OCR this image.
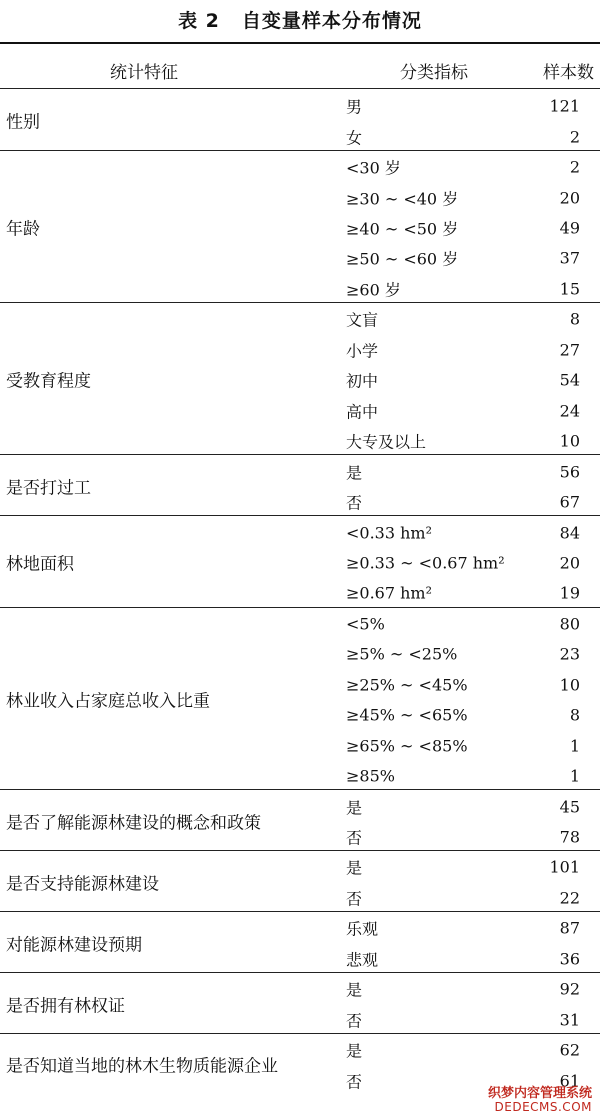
表 2 自变量样本分布情况
统计特征	分类指标	样本数
性别
男	121
女	2
年龄
<30 岁	2
≥30 ~ <40 岁	20
≥40 ~ <50 岁	49
≥50 ~ <60 岁	37
≥60 岁	15
受教育程度
文盲	8
小学	27
初中	54
高中	24
大专及以上	10
是否打过工
是	56
否	67
林地面积
<0.33 hm²	84
≥0.33 ~ <0.67 hm²	20
≥0.67 hm²	19
林业收入占家庭总收入比重
<5%	80
≥5% ~ <25%	23
≥25% ~ <45%	10
≥45% ~ <65%	8
≥65% ~ <85%	1
≥85%	1
是否了解能源林建设的概念和政策
是	45
否	78
是否支持能源林建设
是	101
否	22
对能源林建设预期
乐观	87
悲观	36
是否拥有林权证
是	92
否	31
是否知道当地的林木生物质能源企业
是	62
否	61
织梦内容管理系统
DEDECMS.COM
